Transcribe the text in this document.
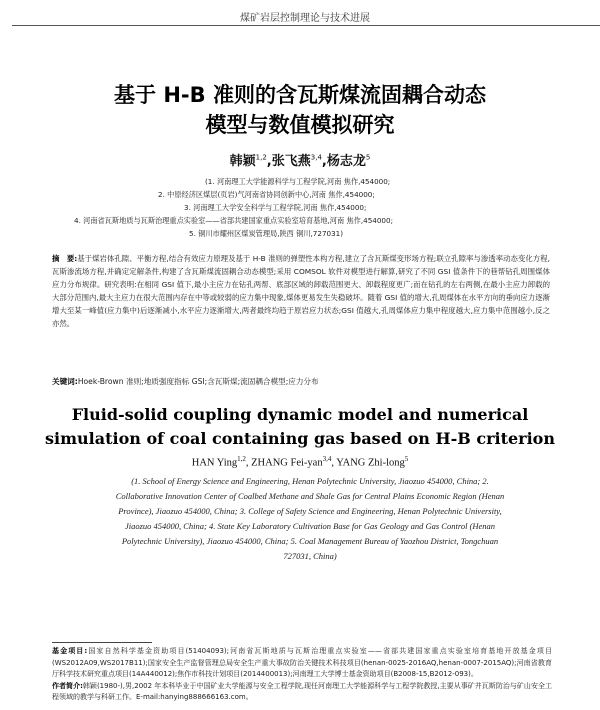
煤矿岩层控制理论与技术进展
基于 H-B 准则的含瓦斯煤流固耦合动态
模型与数值模拟研究
韩颖$^{1,2}$,张飞燕$^{3,4}$,杨志龙$^5$
(1. 河南理工大学能源科学与工程学院,河南 焦作,454000;
2. 中原经济区煤层(页岩)气河南省协同创新中心,河南 焦作,454000;
3. 河南理工大学安全科学与工程学院,河南 焦作,454000;
4. 河南省瓦斯地质与瓦斯治理重点实验室——省部共建国家重点实验室培育基地,河南 焦作,454000;
5. 铜川市耀州区煤炭管理局,陕西 铜川,727031)
摘　要:基于煤岩体孔隙、平衡方程,结合有效应力原理及基于 H-B 准则的弹塑性本构方程,建立了含瓦斯煤变形场方程;联立孔隙率与渗透率动态变化方程,瓦斯渗流场方程,并确定定解条件,构建了含瓦斯煤流固耦合动态模型;采用 COMSOL 软件对模型进行解算,研究了不同 GSI 值条件下的巷帮钻孔周围煤体应力分布规律。研究表明:在相同 GSI 值下,最小主应力在钻孔两帮、底部区域的卸载范围更大、卸载程度更广;而在钻孔的左右两侧,在最小主应力卸载的大部分范围内,最大主应力在很大范围内存在中等或较弱的应力集中现象,煤体更易发生失稳破坏。随着 GSI 值的增大,孔周煤体在水平方向的垂向应力逐渐增大至某一峰值(应力集中)后逐渐减小,水平应力逐渐增大,两者最终均趋于原岩应力状态;GSI 值越大,孔周煤体应力集中程度越大,应力集中范围越小,反之亦然。
关键词:Hoek-Brown 准则;地质强度指标 GSI;含瓦斯煤;流固耦合模型;应力分布
Fluid-solid coupling dynamic model and numerical
simulation of coal containing gas based on H-B criterion
HAN Ying$^{1,2}$, ZHANG Fei-yan$^{3,4}$, YANG Zhi-long$^5$
(1. School of Energy Science and Engineering, Henan Polytechnic University, Jiaozuo 454000, China; 2. Collaborative Innovation Center of Coalbed Methane and Shale Gas for Central Plains Economic Region (Henan Province), Jiaozuo 454000, China; 3. College of Safety Science and Engineering, Henan Polytechnic University, Jiaozuo 454000, China; 4. State Key Laboratory Cultivation Base for Gas Geology and Gas Control (Henan Polytechnic University), Jiaozuo 454000, China; 5. Coal Management Bureau of Yaozhou District, Tongchuan 727031, China)

基金项目:国家自然科学基金资助项目(51404093);河南省瓦斯地质与瓦斯治理重点实验室——省部共建国家重点实验室培育基地开放基金项目(WS2012A09,WS2017B11);国家安全生产监督管理总局安全生产重大事故防治关键技术科技项目(henan-0025-2016AQ,henan-0007-2015AQ);河南省教育厅科学技术研究重点项目(14A440012);焦作市科技计划项目(2014400013);河南理工大学博士基金资助项目(B2008-15,B2012-093)。

作者简介:韩颖(1980-),男,2002 年本科毕业于中国矿业大学能源与安全工程学院,现任河南理工大学能源科学与工程学院教授,主要从事矿井瓦斯防治与矿山安全工程领域的教学与科研工作。E-mail:hanying888666163.com。
